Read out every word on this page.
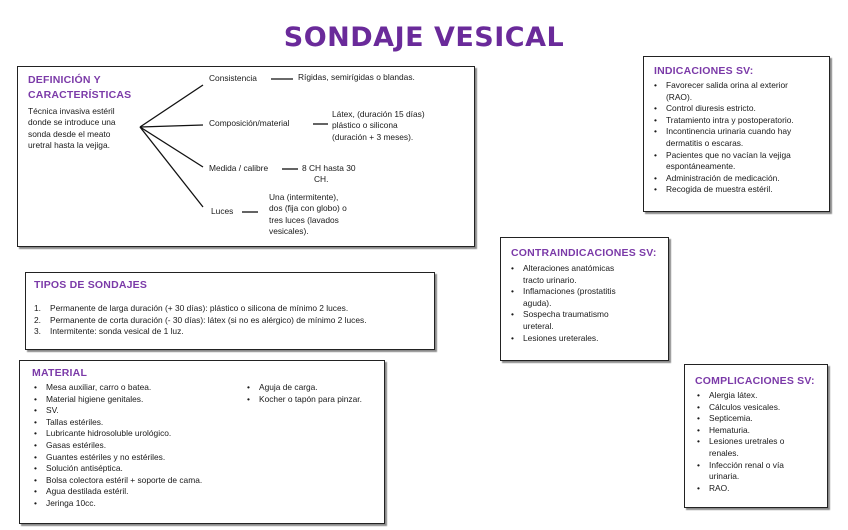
SONDAJE VESICAL
DEFINICIÓN Y
CARACTERÍSTICAS
Técnica invasiva estéril
donde se introduce una
sonda desde el meato
uretral hasta la vejiga.
Consistencia	Rígidas, semirígidas o blandas.
Composición/material
Látex, (duración 15 días)
plástico o silicona
(duración + 3 meses).
Medida / calibre	8 CH hasta 30
CH.
Luces
Una (intermitente),
dos (fija con globo) o
tres luces (lavados
vesicales).
TIPOS DE SONDAJES
1. Permanente de larga duración (+ 30 días): plástico o silicona de mínimo 2 luces.
2. Permanente de corta duración (- 30 días): látex (si no es alérgico) de mínimo 2 luces.
3. Intermitente: sonda vesical de 1 luz.
MATERIAL
• Mesa auxiliar, carro o batea.
• Material higiene genitales.
• SV.
• Tallas estériles.
• Lubricante hidrosoluble urológico.
• Gasas estériles.
• Guantes estériles y no estériles.
• Solución antiséptica.
• Bolsa colectora estéril + soporte de cama.
• Agua destilada estéril.
• Jeringa 10cc.
• Aguja de carga.
• Kocher o tapón para pinzar.
INDICACIONES SV:
• Favorecer salida orina al exterior
(RAO).
• Control diuresis estricto.
• Tratamiento intra y postoperatorio.
• Incontinencia urinaria cuando hay
dermatitis o escaras.
• Pacientes que no vacían la vejiga
espontáneamente.
• Administración de medicación.
• Recogida de muestra estéril.
CONTRAINDICACIONES SV:
• Alteraciones anatómicas
tracto urinario.
• Inflamaciones (prostatitis
aguda).
• Sospecha traumatismo
ureteral.
• Lesiones ureterales.
COMPLICACIONES SV:
• Alergia látex.
• Cálculos vesicales.
• Septicemia.
• Hematuria.
• Lesiones uretrales o
renales.
• Infección renal o vía
urinaria.
• RAO.
